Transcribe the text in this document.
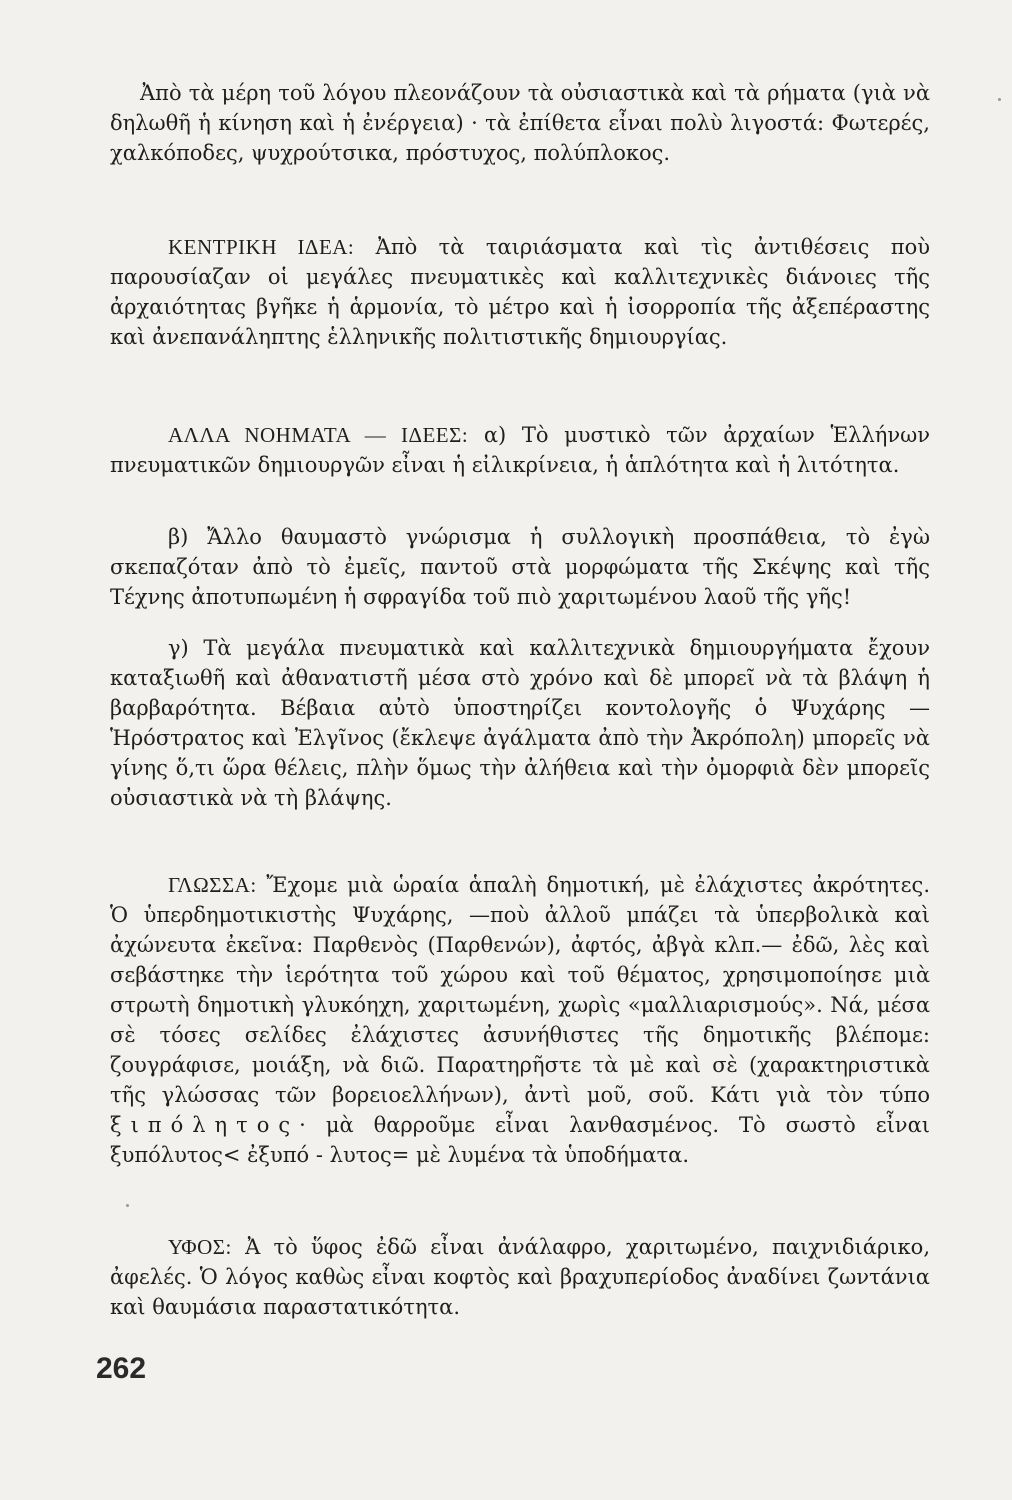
Ἀπὸ τὰ μέρη τοῦ λόγου πλεονάζουν τὰ οὐσιαστικὰ καὶ τὰ ρήματα (γιὰ νὰ δηλωθῆ ἡ κίνηση καὶ ἡ ἐνέργεια) · τὰ ἐπίθετα εἶναι πολὺ λιγοστά: Φωτερές, χαλκόποδες, ψυχρούτσικα, πρόστυχος, πολύπλοκος.

ΚΕΝΤΡΙΚΗ ΙΔΕΑ: Ἀπὸ τὰ ταιριάσματα καὶ τὶς ἀντιθέσεις ποὺ παρουσίαζαν οἱ μεγάλες πνευματικὲς καὶ καλλιτεχνικὲς διάνοιες τῆς ἀρχαιότητας βγῆκε ἡ ἁρμονία, τὸ μέτρο καὶ ἡ ἰσορροπία τῆς ἀξεπέραστης καὶ ἀνεπανάληπτης ἑλληνικῆς πολιτιστικῆς δημιουργίας.

ΑΛΛΑ ΝΟΗΜΑΤΑ — ΙΔΕΕΣ: α) Τὸ μυστικὸ τῶν ἀρχαίων Ἑλλήνων πνευματικῶν δημιουργῶν εἶναι ἡ εἰλικρίνεια, ἡ ἁπλότητα καὶ ἡ λιτότητα.

β) Ἄλλο θαυμαστὸ γνώρισμα ἡ συλλογικὴ προσπάθεια, τὸ ἐγὼ σκεπαζόταν ἀπὸ τὸ ἐμεῖς, παντοῦ στὰ μορφώματα τῆς Σκέψης καὶ τῆς Τέχνης ἀποτυπωμένη ἡ σφραγίδα τοῦ πιὸ χαριτωμένου λαοῦ τῆς γῆς!

γ) Τὰ μεγάλα πνευματικὰ καὶ καλλιτεχνικὰ δημιουργήματα ἔχουν καταξιωθῆ καὶ ἀθανατιστῆ μέσα στὸ χρόνο καὶ δὲ μπορεῖ νὰ τὰ βλάψη ἡ βαρβαρότητα. Βέβαια αὐτὸ ὑποστηρίζει κοντολογῆς ὁ Ψυχάρης —Ἡρόστρατος καὶ Ἐλγῖνος (ἔκλεψε ἀγάλματα ἀπὸ τὴν Ἀκρόπολη) μπορεῖς νὰ γίνης ὅ,τι ὥρα θέλεις, πλὴν ὅμως τὴν ἀλήθεια καὶ τὴν ὀμορφιὰ δὲν μπορεῖς οὐσιαστικὰ νὰ τὴ βλάψης.

ΓΛΩΣΣΑ: Ἔχομε μιὰ ὡραία ἁπαλὴ δημοτική, μὲ ἐλάχιστες ἀκρότητες. Ὁ ὑπερδημοτικιστὴς Ψυχάρης, —ποὺ ἀλλοῦ μπάζει τὰ ὑπερβολικὰ καὶ ἀχώνευτα ἐκεῖνα: Παρθενὸς (Παρθενών), ἀφτός, ἀβγὰ κλπ.— ἐδῶ, λὲς καὶ σεβάστηκε τὴν ἱερότητα τοῦ χώρου καὶ τοῦ θέματος, χρησιμοποίησε μιὰ στρωτὴ δημοτικὴ γλυκόηχη, χαριτωμένη, χωρὶς «μαλλιαρισμούς». Νά, μέσα σὲ τόσες σελίδες ἐλάχιστες ἀσυνήθιστες τῆς δημοτικῆς βλέπομε: ζουγράφισε, μοιάξη, νὰ διῶ. Παρατηρῆστε τὰ μὲ καὶ σὲ (χαρακτηριστικὰ τῆς γλώσσας τῶν βορειοελλήνων), ἀντὶ μοῦ, σοῦ. Κάτι γιὰ τὸν τύπο ξιπόλητος· μὰ θαρροῦμε εἶναι λανθασμένος. Τὸ σωστὸ εἶναι ξυπόλυτος< ἐξυπό - λυτος= μὲ λυμένα τὰ ὑποδήματα.

ΥΦΟΣ: Ἀ τὸ ὕφος ἐδῶ εἶναι ἀνάλαφρο, χαριτωμένο, παιχνιδιάρικο, ἀφελές. Ὁ λόγος καθὼς εἶναι κοφτὸς καὶ βραχυπερίοδος ἀναδίνει ζωντάνια καὶ θαυμάσια παραστατικότητα.

262
